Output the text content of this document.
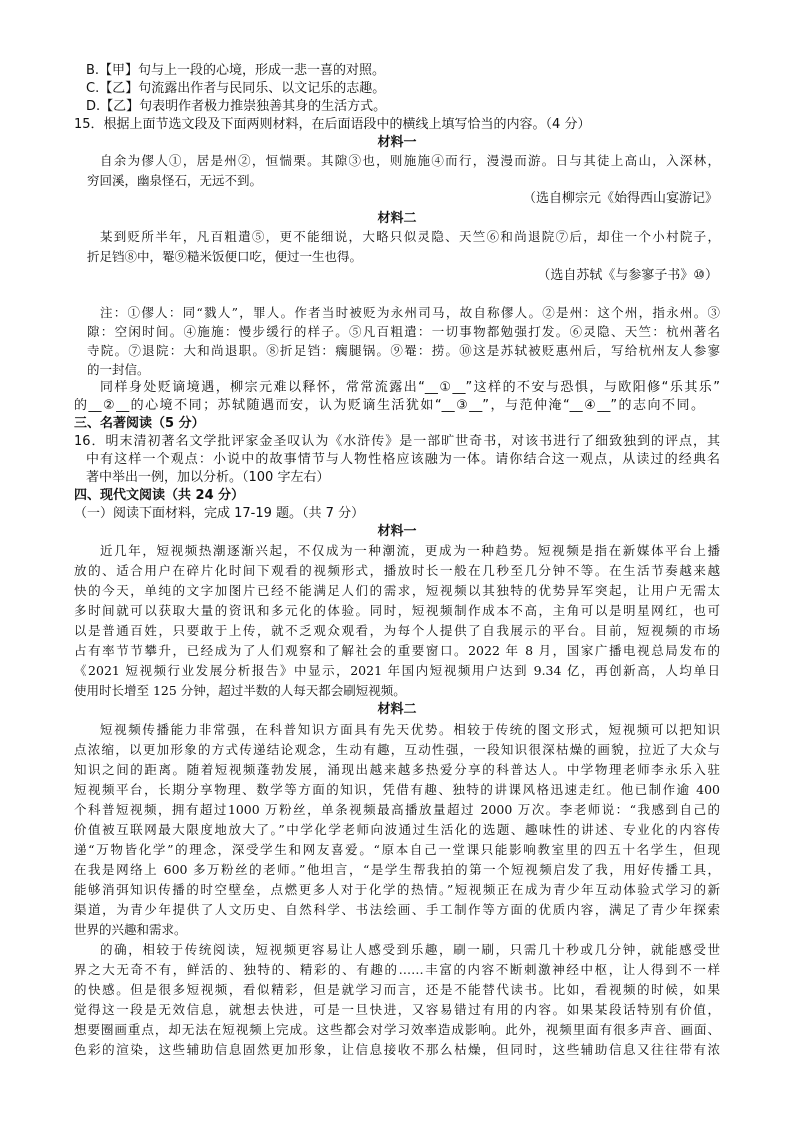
B.【甲】句与上一段的心境，形成一悲一喜的对照。
C.【乙】句流露出作者与民同乐、以文记乐的志趣。
D.【乙】句表明作者极力推崇独善其身的生活方式。
15．根据上面节选文段及下面两则材料，在后面语段中的横线上填写恰当的内容。（4 分）
材料一
自余为僇人①，居是州②，恒惴栗。其隙③也，则施施④而行，漫漫而游。日与其徒上高山，入深林，
穷回溪，幽泉怪石，无远不到。
（选自柳宗元《始得西山宴游记》
材料二
某到贬所半年，凡百粗遣⑤，更不能细说，大略只似灵隐、天竺⑥和尚退院⑦后，却住一个小村院子，
折足铛⑧中，罨⑨糙米饭便口吃，便过一生也得。
（选自苏轼《与参寥子书》⑩）
注：①僇人：同“戮人”，罪人。作者当时被贬为永州司马，故自称僇人。②是州：这个州，指永州。③
隙：空闲时间。④施施：慢步缓行的样子。⑤凡百粗遣：一切事物都勉强打发。⑥灵隐、天竺：杭州著名
寺院。⑦退院：大和尚退职。⑧折足铛：瘸腿锅。⑨罨：捞。⑩这是苏轼被贬惠州后，写给杭州友人参寥
的一封信。
同样身处贬谪境遇，柳宗元难以释怀，常常流露出“__①__”这样的不安与恐惧，与欧阳修“乐其乐”
的__②__的心境不同；苏轼随遇而安，认为贬谪生活犹如“__③__”，与范仲淹“__④__”的志向不同。
三、名著阅读（5 分）
16．明末清初著名文学批评家金圣叹认为《水浒传》是一部旷世奇书，对该书进行了细致独到的评点，其
中有这样一个观点：小说中的故事情节与人物性格应该融为一体。请你结合这一观点，从读过的经典名
著中举出一例，加以分析。（100 字左右）
四、现代文阅读（共 24 分）
（一）阅读下面材料，完成 17-19 题。（共 7 分）
材料一
近几年，短视频热潮逐渐兴起，不仅成为一种潮流，更成为一种趋势。短视频是指在新媒体平台上播
放的、适合用户在碎片化时间下观看的视频形式，播放时长一般在几秒至几分钟不等。在生活节奏越来越
快的今天，单纯的文字加图片已经不能满足人们的需求，短视频以其独特的优势异军突起，让用户无需太
多时间就可以获取大量的资讯和多元化的体验。同时，短视频制作成本不高，主角可以是明星网红，也可
以是普通百姓，只要敢于上传，就不乏观众观看，为每个人提供了自我展示的平台。目前，短视频的市场
占有率节节攀升，已经成为了人们观察和了解社会的重要窗口。2022 年 8 月，国家广播电视总局发布的
《2021 短视频行业发展分析报告》中显示，2021 年国内短视频用户达到 9.34 亿，再创新高，人均单日
使用时长增至 125 分钟，超过半数的人每天都会刷短视频。
材料二
短视频传播能力非常强，在科普知识方面具有先天优势。相较于传统的图文形式，短视频可以把知识
点浓缩，以更加形象的方式传递结论观念，生动有趣，互动性强，一段知识很深枯燥的画貌，拉近了大众与
知识之间的距离。随着短视频蓬勃发展，涌现出越来越多热爱分享的科普达人。中学物理老师李永乐入驻
短视频平台，长期分享物理、数学等方面的知识，凭借有趣、独特的讲课风格迅速走红。他已制作逾 400
个科普短视频，拥有超过1000 万粉丝，单条视频最高播放量超过 2000 万次。李老师说：“我感到自己的
价值被互联网最大限度地放大了。”中学化学老师向波通过生活化的选题、趣味性的讲述、专业化的内容传
递“万物皆化学”的理念，深受学生和网友喜爱。“原本自己一堂课只能影响教室里的四五十名学生，但现
在我是网络上 600 多万粉丝的老师。”他坦言，“是学生帮我拍的第一个短视频启发了我，用好传播工具，
能够消弭知识传播的时空壁垒，点燃更多人对于化学的热情。”短视频正在成为青少年互动体验式学习的新
渠道，为青少年提供了人文历史、自然科学、书法绘画、手工制作等方面的优质内容，满足了青少年探索
世界的兴趣和需求。
的确，相较于传统阅读，短视频更容易让人感受到乐趣，刷一刷，只需几十秒或几分钟，就能感受世
界之大无奇不有，鲜活的、独特的、精彩的、有趣的……丰富的内容不断刺激神经中枢，让人得到不一样
的快感。但是很多短视频，看似精彩，但是就学习而言，还是不能替代读书。比如，看视频的时候，如果
觉得这一段是无效信息，就想去快进，可是一旦快进，又容易错过有用的内容。如果某段话特别有价值，
想要圈画重点，却无法在短视频上完成。这些都会对学习效率造成影响。此外，视频里面有很多声音、画面、
色彩的渲染，这些辅助信息固然更加形象，让信息接收不那么枯燥，但同时，这些辅助信息又往往带有浓
